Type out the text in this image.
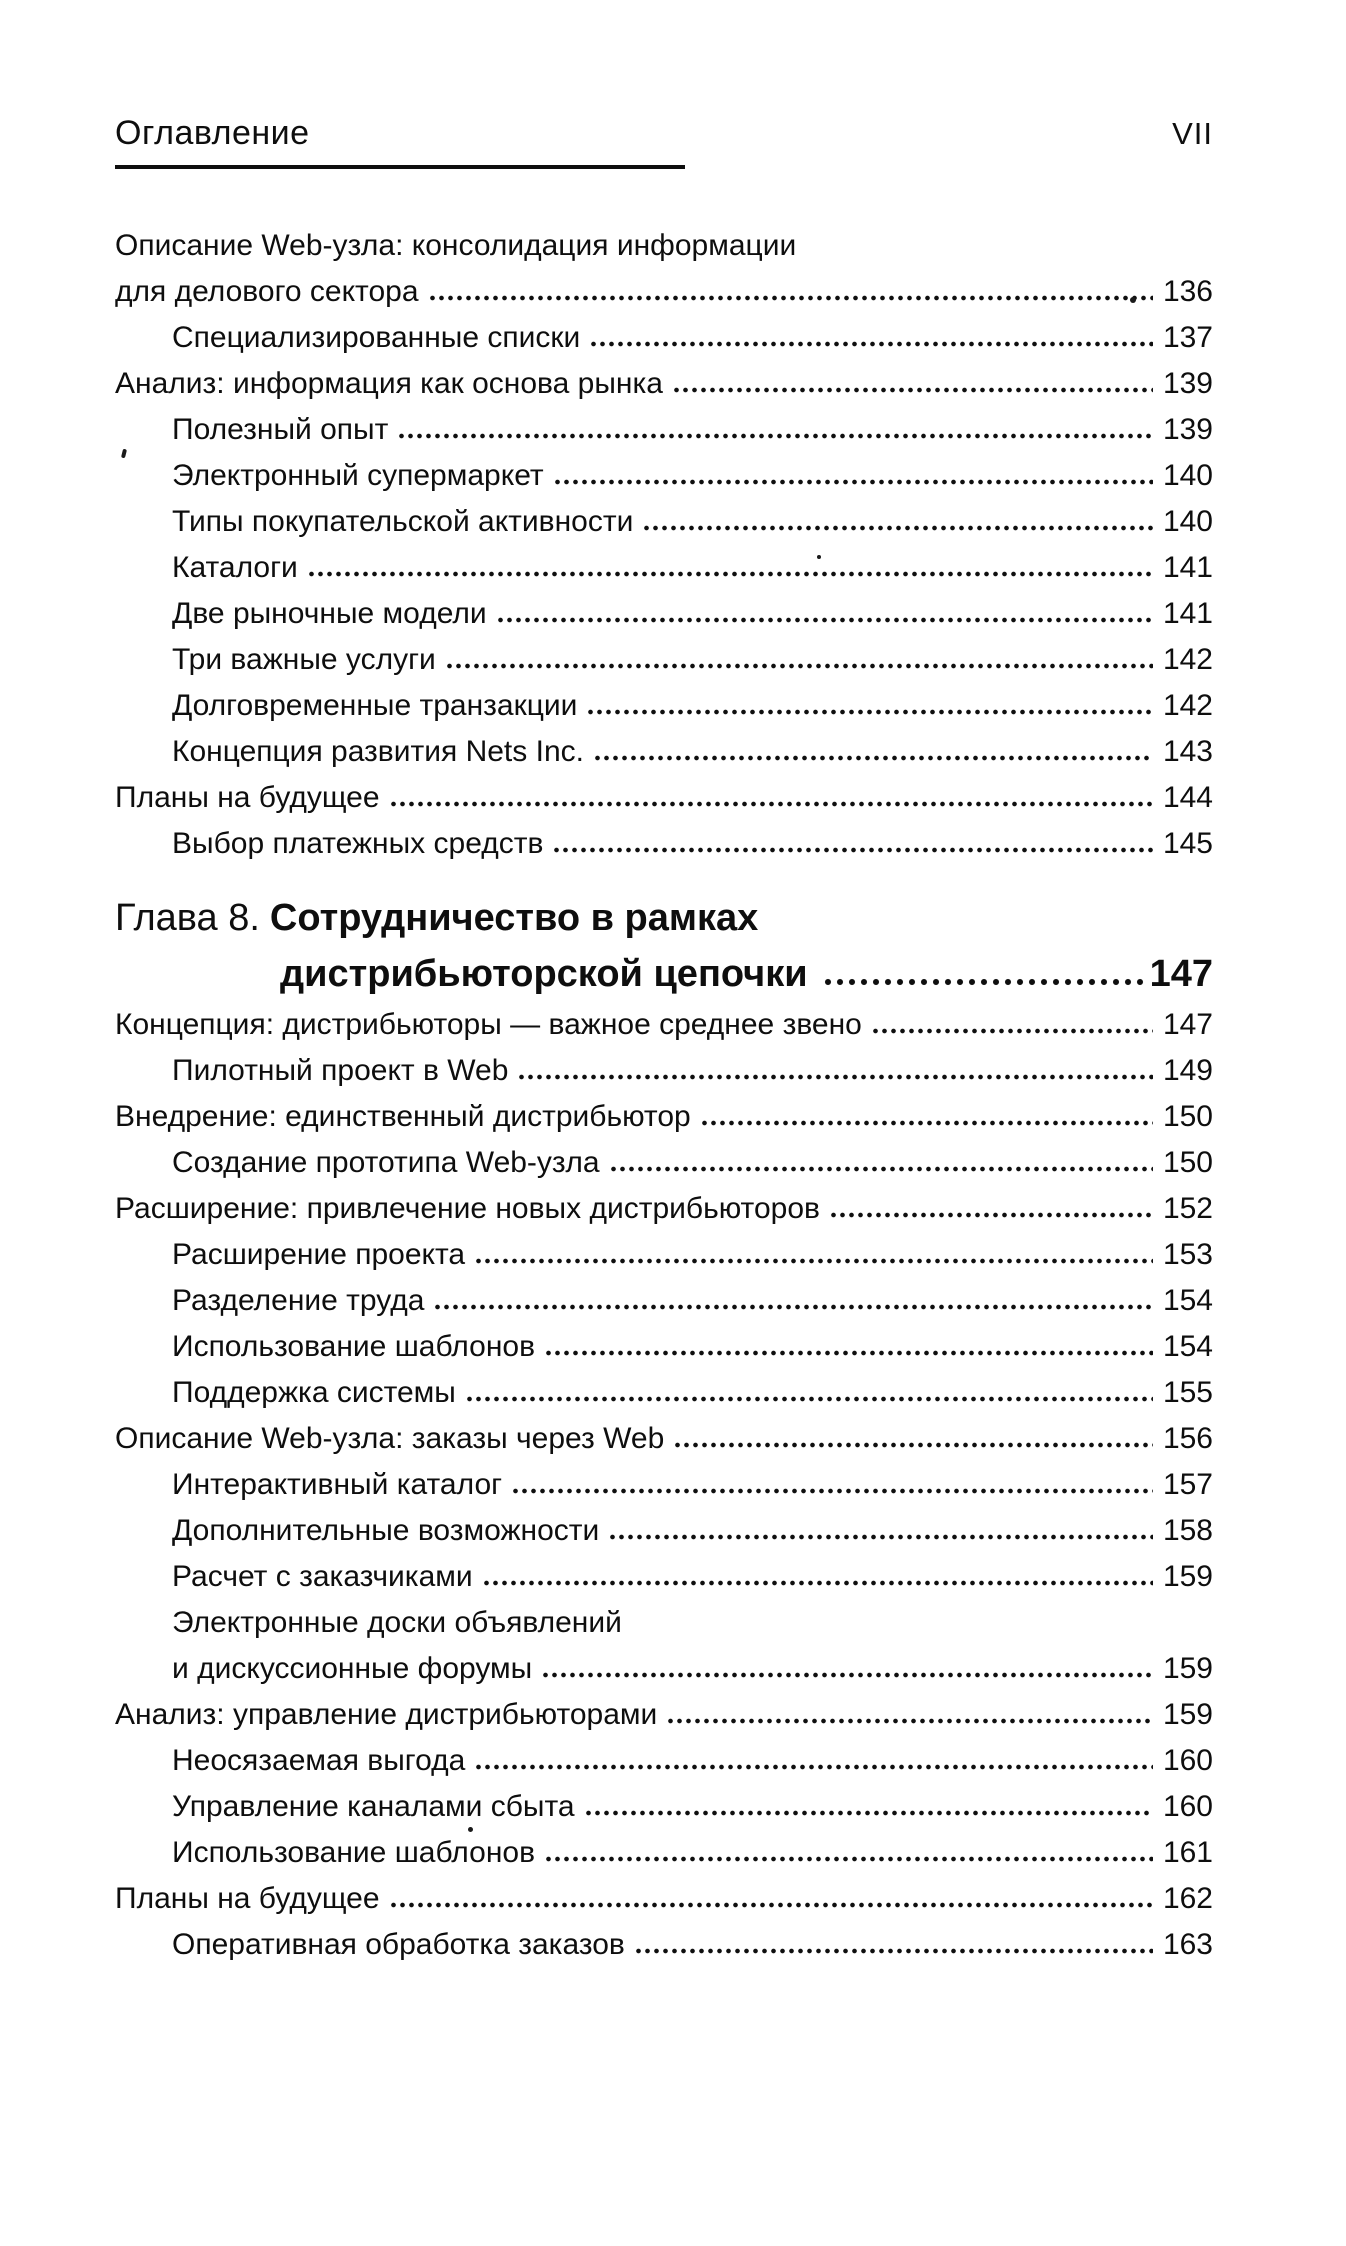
Оглавление	VII
Описание Web-узла: консолидация информации
для делового сектора	136
Специализированные списки	137
Анализ: информация как основа рынка	139
Полезный опыт	139
Электронный супермаркет	140
Типы покупательской активности	140
Каталоги	141
Две рыночные модели	141
Три важные услуги	142
Долговременные транзакции	142
Концепция развития Nets Inc.	143
Планы на будущее	144
Выбор платежных средств	145
Глава 8. Сотрудничество в рамках
дистрибьюторской цепочки	147
Концепция: дистрибьюторы — важное среднее звено	147
Пилотный проект в Web	149
Внедрение: единственный дистрибьютор	150
Создание прототипа Web-узла	150
Расширение: привлечение новых дистрибьюторов	152
Расширение проекта	153
Разделение труда	154
Использование шаблонов	154
Поддержка системы	155
Описание Web-узла: заказы через Web	156
Интерактивный каталог	157
Дополнительные возможности	158
Расчет с заказчиками	159
Электронные доски объявлений
и дискуссионные форумы	159
Анализ: управление дистрибьюторами	159
Неосязаемая выгода	160
Управление каналами сбыта	160
Использование шаблонов	161
Планы на будущее	162
Оперативная обработка заказов	163
